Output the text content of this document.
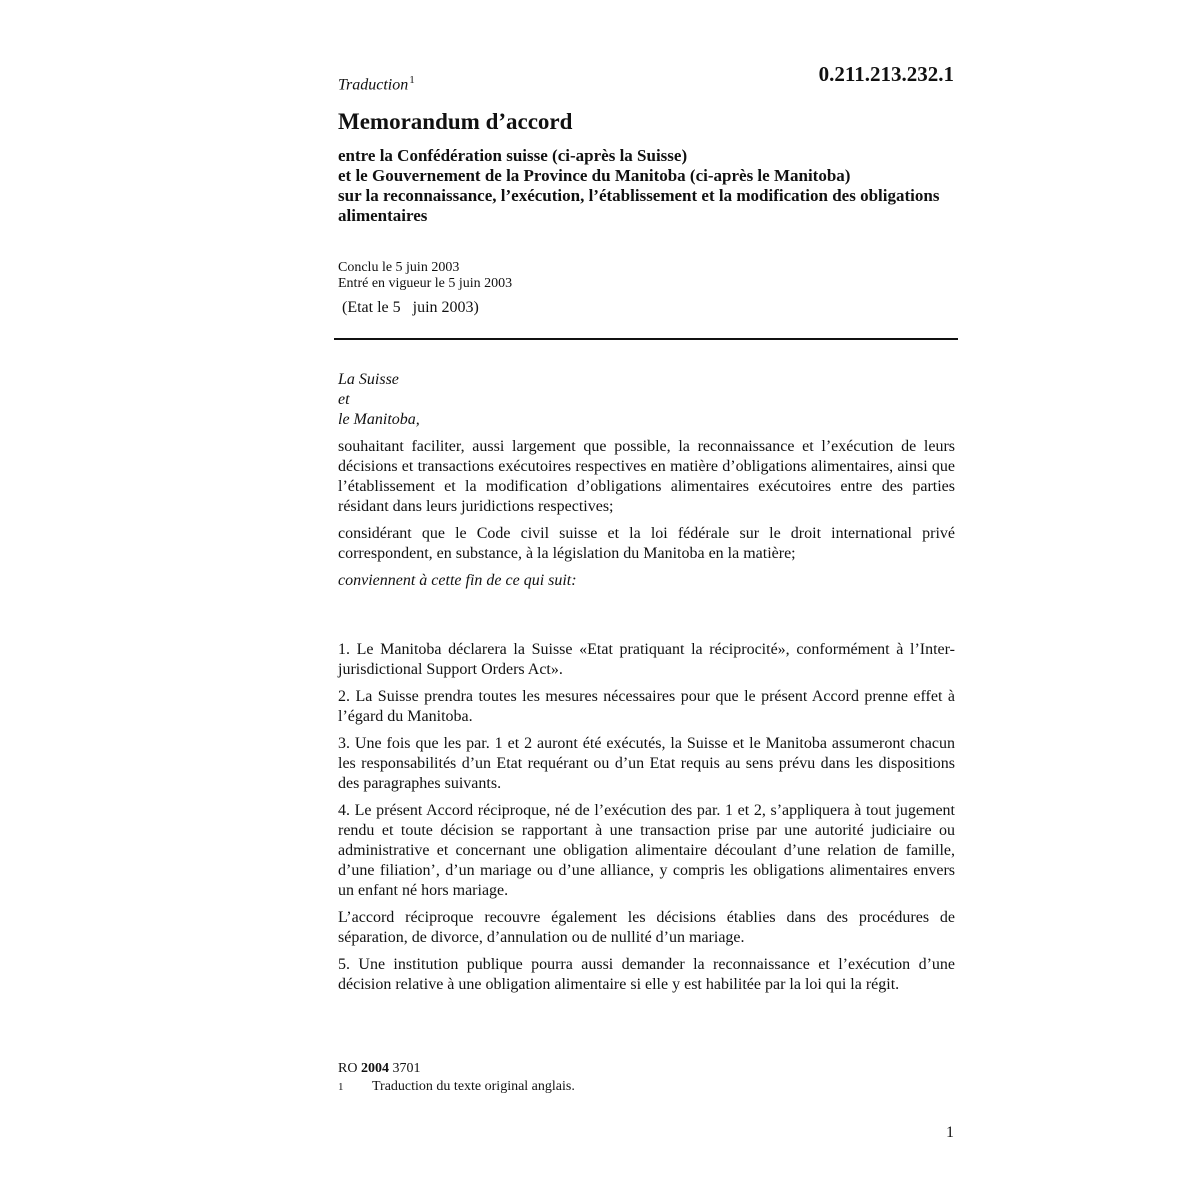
Traduction$^1$	0.211.213.232.1
Memorandum d’accord
entre la Confédération suisse (ci-après la Suisse)
et le Gouvernement de la Province du Manitoba (ci-après le Manitoba)
sur la reconnaissance, l’exécution, l’établissement et la modification des obligations alimentaires
Conclu le 5 juin 2003
Entré en vigueur le 5 juin 2003
(Etat le 5   juin 2003)
La Suisse
et
le Manitoba,

souhaitant faciliter, aussi largement que possible, la reconnaissance et l’exécution de leurs décisions et transactions exécutoires respectives en matière d’obligations alimentaires, ainsi que l’établissement et la modification d’obligations alimentaires exécutoires entre des parties résidant dans leurs juridictions respectives;

considérant que le Code civil suisse et la loi fédérale sur le droit international privé correspondent, en substance, à la législation du Manitoba en la matière;

conviennent à cette fin de ce qui suit:

1. Le Manitoba déclarera la Suisse «Etat pratiquant la réciprocité», conformément à l’Inter-jurisdictional Support Orders Act».

2. La Suisse prendra toutes les mesures nécessaires pour que le présent Accord prenne effet à l’égard du Manitoba.

3. Une fois que les par. 1 et 2 auront été exécutés, la Suisse et le Manitoba assumeront chacun les responsabilités d’un Etat requérant ou d’un Etat requis au sens prévu dans les dispositions des paragraphes suivants.

4. Le présent Accord réciproque, né de l’exécution des par. 1 et 2, s’appliquera à tout jugement rendu et toute décision se rapportant à une transaction prise par une autorité judiciaire ou administrative et concernant une obligation alimentaire découlant d’une relation de famille, d’une filiation’, d’un mariage ou d’une alliance, y compris les obligations alimentaires envers un enfant né hors mariage.

L’accord réciproque recouvre également les décisions établies dans des procédures de séparation, de divorce, d’annulation ou de nullité d’un mariage.

5. Une institution publique pourra aussi demander la reconnaissance et l’exécution d’une décision relative à une obligation alimentaire si elle y est habilitée par la loi qui la régit.

RO 2004 3701
1	Traduction du texte original anglais.
1
